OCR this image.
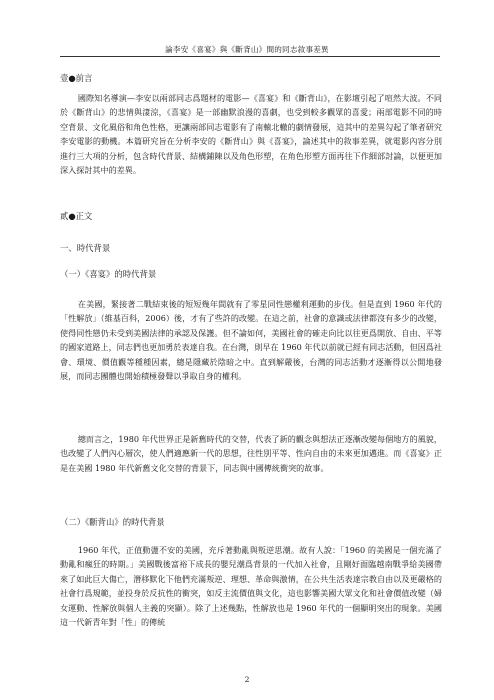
論李安《喜宴》與《斷背山》間的同志敘事差異
壹●前言

國際知名導演—李安以兩部同志爲題材的電影—《喜宴》和《斷背山》，在影壇引起了喧然大波。不同於《斷背山》的悲情與淒涼，《喜宴》是一部幽默浪漫的喜劇，也受到較多觀眾的喜愛；兩部電影不同的時空背景、文化風俗和角色性格，更讓兩部同志電影有了南轅北轍的劇情發展，這其中的差異勾起了筆者研究李安電影的動機。本篇研究旨在分析李安的《斷背山》與《喜宴》，論述其中的敘事差異，就電影內容分別進行三大項的分析，包含時代背景、結構鋪陳以及角色形塑，在角色形塑方面再往下作細部討論，以便更加深入探討其中的差異。

貳●正文
一、時代背景
（一）《喜宴》的時代背景

在美國，緊接著二戰結束後的短短幾年間就有了零星同性戀權利運動的步伐。但是直到 1960 年代的「性解放」（維基百科，2006）後，才有了些許的改變。在這之前，社會的意識或法律都沒有多少的改變，使得同性戀仍未受到美國法律的承認及保護。但不論如何，美國社會的確走向比以往更爲開放、自由、平等的國家道路上，同志們也更加勇於表達自我。在台灣，則早在 1960 年代以前就已經有同志活動，但因爲社會、環境、價值觀等種種因素，總是隱藏於陰暗之中。直到解嚴後，台灣的同志活動才逐漸得以公開地發展，而同志團體也開始積極發聲以爭取自身的權利。

總而言之，1980 年代世界正是新舊時代的交替，代表了新的觀念與想法正逐漸改變每個地方的風貌，也改變了人們內心層次，使人們適應新一代的思想，往性別平等、性向自由的未來更加邁進。而《喜宴》正是在美國 1980 年代新舊文化交替的背景下，同志與中國傳統衝突的故事。

（二）《斷背山》的時代背景

1960 年代，正值動盪不安的美國，充斥著動亂與叛逆思潮。故有人說：「1960 的美國是一個充滿了動亂和瘋狂的時期。」美國戰後富裕下成長的嬰兒潮爲背景的一代加入社會，且剛好面臨越南戰爭給美國帶來了如此巨大傷亡，潛移默化下他們充滿叛逆、理想、革命與激情，在公共生活表達宗教自由以及更嚴格的社會行爲規範，並投身於反抗性的衝突，如反主流價值與文化，這也影響美國大眾文化和社會價值改變（婦女運動、性解放與個人主義的突顯）。除了上述幾點，性解放也是 1960 年代的一個顯明突出的現象。美國這一代新青年對「性」的傳統

2
